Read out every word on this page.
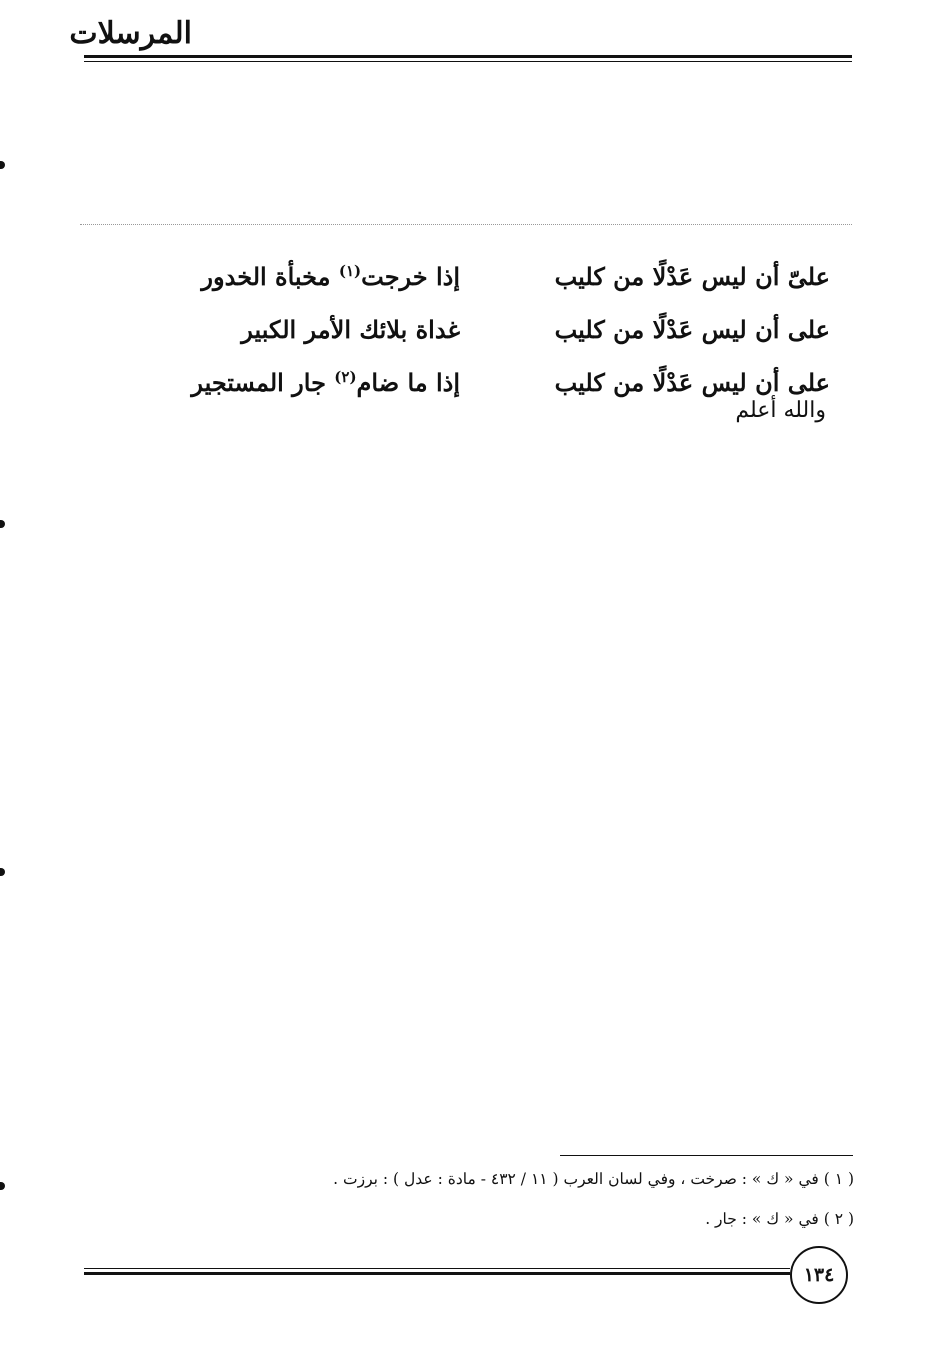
المرسلات
علىّ أن ليس عَدْلًا من كليب
إذا خرجت$^{(١)}$ مخبأة الخدور
على أن ليس عَدْلًا من كليب
غداة بلائك الأمر الكبير
على أن ليس عَدْلًا من كليب
إذا ما ضام$^{(٢)}$ جار المستجير
والله أعلم
( ١ ) في « ك » : صرخت ، وفي لسان العرب ( ١١ / ٤٣٢ - مادة : عدل ) : برزت .
( ٢ ) في « ك » : جار .
١٣٤
